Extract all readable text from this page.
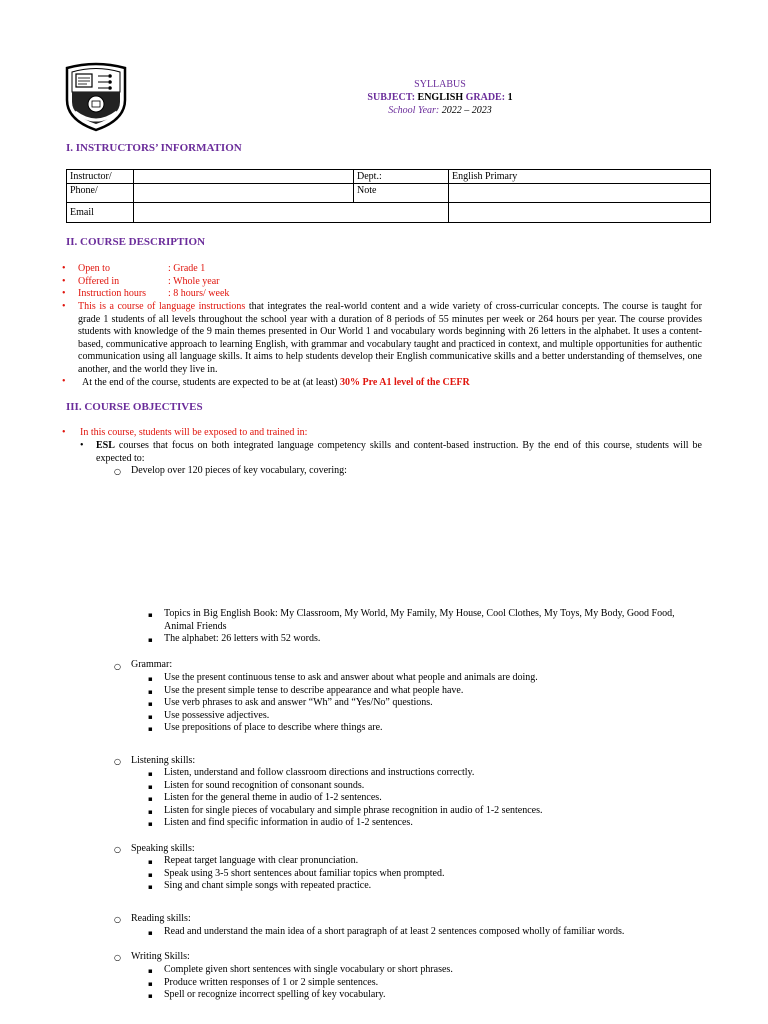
SYLLABUS
SUBJECT: ENGLISH GRADE: 1
School Year: 2022 – 2023
I. INSTRUCTORS’ INFORMATION
Instructor/		Dept.:	English Primary
Phone/		Note	
Email			
II. COURSE DESCRIPTION
• Open to	: Grade 1
• Offered in	: Whole year
• Instruction hours : 8 hours/ week
• This is a course of language instructions that integrates the real-world content and a wide variety of cross-curricular concepts. The course is taught for grade 1 students of all levels throughout the school year with a duration of 8 periods of 55 minutes per week or 264 hours per year. The course provides students with knowledge of the 9 main themes presented in Our World 1 and vocabulary words beginning with 26 letters in the alphabet. It uses a content-based, communicative approach to learning English, with grammar and vocabulary taught and practiced in context, and multiple opportunities for authentic communication using all language skills. It aims to help students develop their English communicative skills and a better understanding of themselves, one another, and the world they live in.
• At the end of the course, students are expected to be at (at least) 30% Pre A1 level of the CEFR
III. COURSE OBJECTIVES
• In this course, students will be exposed to and trained in:
• ESL courses that focus on both integrated language competency skills and content-based instruction. By the end of this course, students will be expected to:
○ Develop over 120 pieces of key vocabulary, covering:
▪ Topics in Big English Book: My Classroom, My World, My Family, My House, Cool Clothes, My Toys, My Body, Good Food, Animal Friends
▪ The alphabet: 26 letters with 52 words.
○ Grammar:
▪ Use the present continuous tense to ask and answer about what people and animals are doing.
▪ Use the present simple tense to describe appearance and what people have.
▪ Use verb phrases to ask and answer “Wh” and “Yes/No” questions.
▪ Use possessive adjectives.
▪ Use prepositions of place to describe where things are.
○ Listening skills:
▪ Listen, understand and follow classroom directions and instructions correctly.
▪ Listen for sound recognition of consonant sounds.
▪ Listen for the general theme in audio of 1-2 sentences.
▪ Listen for single pieces of vocabulary and simple phrase recognition in audio of 1-2 sentences.
▪ Listen and find specific information in audio of 1-2 sentences.
○ Speaking skills:
▪ Repeat target language with clear pronunciation.
▪ Speak using 3-5 short sentences about familiar topics when prompted.
▪ Sing and chant simple songs with repeated practice.
○ Reading skills:
▪ Read and understand the main idea of a short paragraph of at least 2 sentences composed wholly of familiar words.
○ Writing Skills:
▪ Complete given short sentences with single vocabulary or short phrases.
▪ Produce written responses of 1 or 2 simple sentences.
▪ Spell or recognize incorrect spelling of key vocabulary.
